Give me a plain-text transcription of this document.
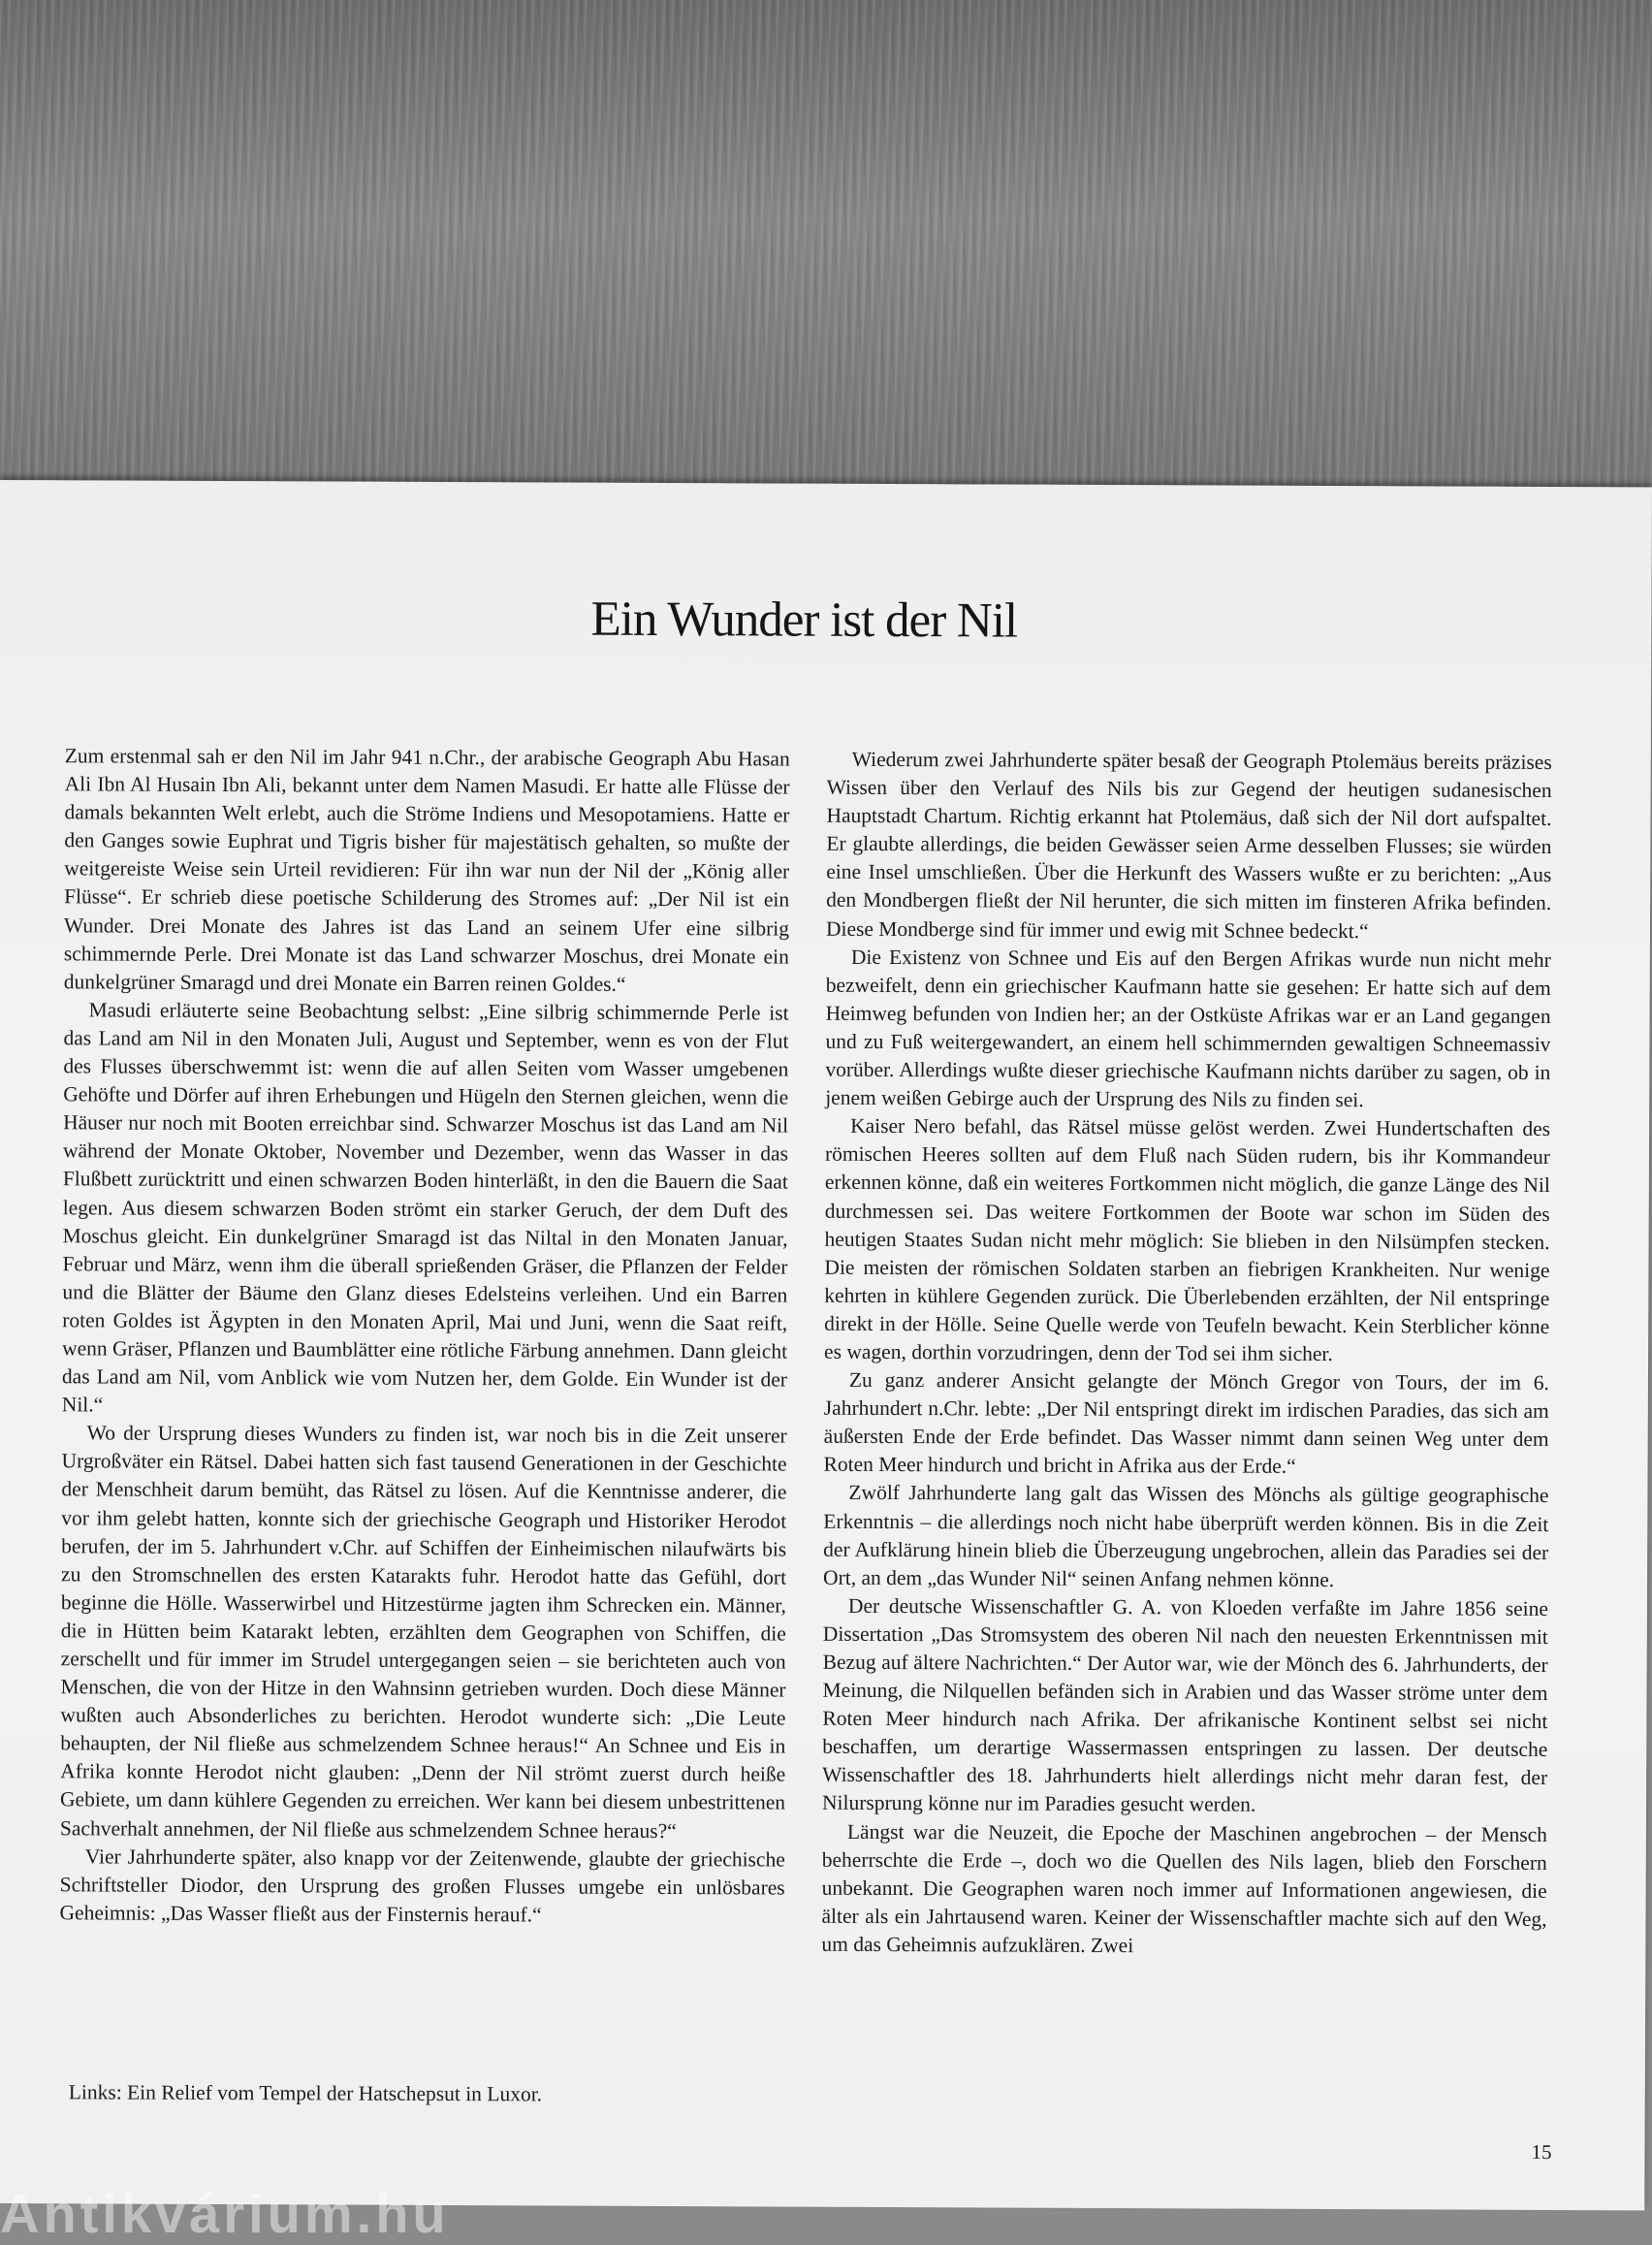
Ein Wunder ist der Nil

Zum erstenmal sah er den Nil im Jahr 941 n.Chr., der arabische Geograph Abu Hasan Ali Ibn Al Husain Ibn Ali, bekannt unter dem Namen Masudi. Er hatte alle Flüsse der damals bekannten Welt erlebt, auch die Ströme Indiens und Mesopotamiens. Hatte er den Ganges sowie Euphrat und Tigris bisher für majestätisch gehalten, so mußte der weitgereiste Weise sein Urteil revidieren: Für ihn war nun der Nil der „König aller Flüsse“. Er schrieb diese poetische Schilderung des Stromes auf: „Der Nil ist ein Wunder. Drei Monate des Jahres ist das Land an seinem Ufer eine silbrig schimmernde Perle. Drei Monate ist das Land schwarzer Moschus, drei Monate ein dunkelgrüner Smaragd und drei Monate ein Barren reinen Goldes.“

Masudi erläuterte seine Beobachtung selbst: „Eine silbrig schimmernde Perle ist das Land am Nil in den Monaten Juli, August und September, wenn es von der Flut des Flusses überschwemmt ist: wenn die auf allen Seiten vom Wasser umgebenen Gehöfte und Dörfer auf ihren Erhebungen und Hügeln den Sternen gleichen, wenn die Häuser nur noch mit Booten erreichbar sind. Schwarzer Moschus ist das Land am Nil während der Monate Oktober, November und Dezember, wenn das Wasser in das Flußbett zurücktritt und einen schwarzen Boden hinterläßt, in den die Bauern die Saat legen. Aus diesem schwarzen Boden strömt ein starker Geruch, der dem Duft des Moschus gleicht. Ein dunkelgrüner Smaragd ist das Niltal in den Monaten Januar, Februar und März, wenn ihm die überall sprießenden Gräser, die Pflanzen der Felder und die Blätter der Bäume den Glanz dieses Edelsteins verleihen. Und ein Barren roten Goldes ist Ägypten in den Monaten April, Mai und Juni, wenn die Saat reift, wenn Gräser, Pflanzen und Baumblätter eine rötliche Färbung annehmen. Dann gleicht das Land am Nil, vom Anblick wie vom Nutzen her, dem Golde. Ein Wunder ist der Nil.“

Wo der Ursprung dieses Wunders zu finden ist, war noch bis in die Zeit unserer Urgroßväter ein Rätsel. Dabei hatten sich fast tausend Generationen in der Geschichte der Menschheit darum bemüht, das Rätsel zu lösen. Auf die Kenntnisse anderer, die vor ihm gelebt hatten, konnte sich der griechische Geograph und Historiker Herodot berufen, der im 5. Jahrhundert v.Chr. auf Schiffen der Einheimischen nilaufwärts bis zu den Stromschnellen des ersten Katarakts fuhr. Herodot hatte das Gefühl, dort beginne die Hölle. Wasserwirbel und Hitzestürme jagten ihm Schrecken ein. Männer, die in Hütten beim Katarakt lebten, erzählten dem Geographen von Schiffen, die zerschellt und für immer im Strudel untergegangen seien – sie berichteten auch von Menschen, die von der Hitze in den Wahnsinn getrieben wurden. Doch diese Männer wußten auch Absonderliches zu berichten. Herodot wunderte sich: „Die Leute behaupten, der Nil fließe aus schmelzendem Schnee heraus!“ An Schnee und Eis in Afrika konnte Herodot nicht glauben: „Denn der Nil strömt zuerst durch heiße Gebiete, um dann kühlere Gegenden zu erreichen. Wer kann bei diesem unbestrittenen Sachverhalt annehmen, der Nil fließe aus schmelzendem Schnee heraus?“

Vier Jahrhunderte später, also knapp vor der Zeitenwende, glaubte der griechische Schriftsteller Diodor, den Ursprung des großen Flusses umgebe ein unlösbares Geheimnis: „Das Wasser fließt aus der Finsternis herauf.“

Wiederum zwei Jahrhunderte später besaß der Geograph Ptolemäus bereits präzises Wissen über den Verlauf des Nils bis zur Gegend der heutigen sudanesischen Hauptstadt Chartum. Richtig erkannt hat Ptolemäus, daß sich der Nil dort aufspaltet. Er glaubte allerdings, die beiden Gewässer seien Arme desselben Flusses; sie würden eine Insel umschließen. Über die Herkunft des Wassers wußte er zu berichten: „Aus den Mondbergen fließt der Nil herunter, die sich mitten im finsteren Afrika befinden. Diese Mondberge sind für immer und ewig mit Schnee bedeckt.“

Die Existenz von Schnee und Eis auf den Bergen Afrikas wurde nun nicht mehr bezweifelt, denn ein griechischer Kaufmann hatte sie gesehen: Er hatte sich auf dem Heimweg befunden von Indien her; an der Ostküste Afrikas war er an Land gegangen und zu Fuß weitergewandert, an einem hell schimmernden gewaltigen Schneemassiv vorüber. Allerdings wußte dieser griechische Kaufmann nichts darüber zu sagen, ob in jenem weißen Gebirge auch der Ursprung des Nils zu finden sei.

Kaiser Nero befahl, das Rätsel müsse gelöst werden. Zwei Hundertschaften des römischen Heeres sollten auf dem Fluß nach Süden rudern, bis ihr Kommandeur erkennen könne, daß ein weiteres Fortkommen nicht möglich, die ganze Länge des Nil durchmessen sei. Das weitere Fortkommen der Boote war schon im Süden des heutigen Staates Sudan nicht mehr möglich: Sie blieben in den Nilsümpfen stecken. Die meisten der römischen Soldaten starben an fiebrigen Krankheiten. Nur wenige kehrten in kühlere Gegenden zurück. Die Überlebenden erzählten, der Nil entspringe direkt in der Hölle. Seine Quelle werde von Teufeln bewacht. Kein Sterblicher könne es wagen, dorthin vorzudringen, denn der Tod sei ihm sicher.

Zu ganz anderer Ansicht gelangte der Mönch Gregor von Tours, der im 6. Jahrhundert n.Chr. lebte: „Der Nil entspringt direkt im irdischen Paradies, das sich am äußersten Ende der Erde befindet. Das Wasser nimmt dann seinen Weg unter dem Roten Meer hindurch und bricht in Afrika aus der Erde.“

Zwölf Jahrhunderte lang galt das Wissen des Mönchs als gültige geographische Erkenntnis – die allerdings noch nicht habe überprüft werden können. Bis in die Zeit der Aufklärung hinein blieb die Überzeugung ungebrochen, allein das Paradies sei der Ort, an dem „das Wunder Nil“ seinen Anfang nehmen könne.

Der deutsche Wissenschaftler G. A. von Kloeden verfaßte im Jahre 1856 seine Dissertation „Das Stromsystem des oberen Nil nach den neuesten Erkenntnissen mit Bezug auf ältere Nachrichten.“ Der Autor war, wie der Mönch des 6. Jahrhunderts, der Meinung, die Nilquellen befänden sich in Arabien und das Wasser ströme unter dem Roten Meer hindurch nach Afrika. Der afrikanische Kontinent selbst sei nicht beschaffen, um derartige Wassermassen entspringen zu lassen. Der deutsche Wissenschaftler des 18. Jahrhunderts hielt allerdings nicht mehr daran fest, der Nilursprung könne nur im Paradies gesucht werden.

Längst war die Neuzeit, die Epoche der Maschinen angebrochen – der Mensch beherrschte die Erde –, doch wo die Quellen des Nils lagen, blieb den Forschern unbekannt. Die Geographen waren noch immer auf Informationen angewiesen, die älter als ein Jahrtausend waren. Keiner der Wissenschaftler machte sich auf den Weg, um das Geheimnis aufzuklären. Zwei

Links: Ein Relief vom Tempel der Hatschepsut in Luxor.
15
Antikvárium.hu
